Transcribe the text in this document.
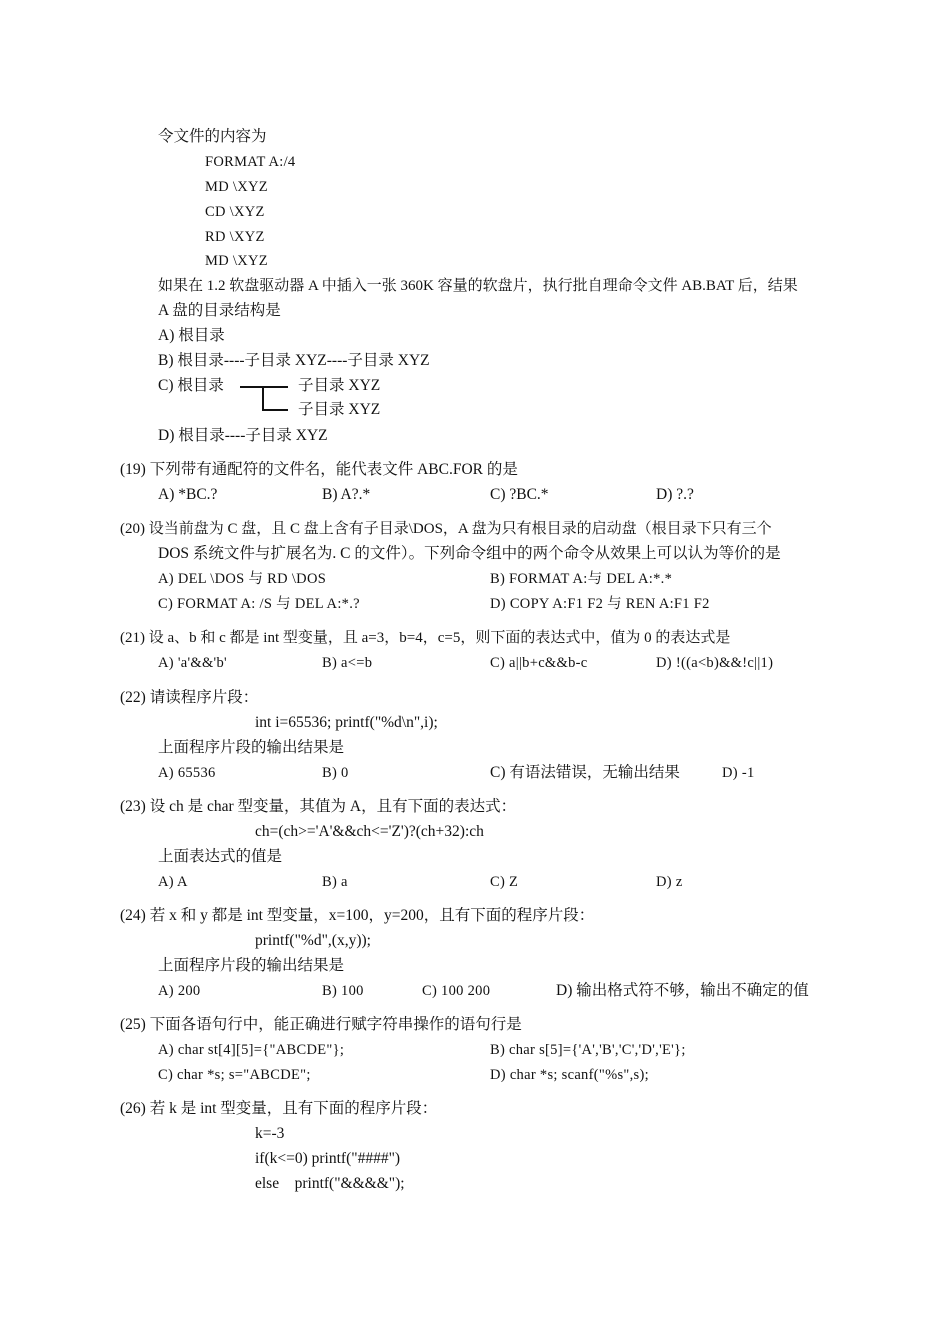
令文件的内容为
FORMAT A:/4
MD \XYZ
CD \XYZ
RD \XYZ
MD \XYZ
如果在 1.2 软盘驱动器 A 中插入一张 360K 容量的软盘片，执行批自理命令文件 AB.BAT 后，结果
A 盘的目录结构是
A) 根目录
B) 根目录----子目录 XYZ----子目录 XYZ
C) 根目录	子目录 XYZ
子目录 XYZ
D) 根目录----子目录 XYZ
(19) 下列带有通配符的文件名，能代表文件 ABC.FOR 的是
A) *BC.?	B) A?.*	C) ?BC.*	D) ?.?
(20) 设当前盘为 C 盘，且 C 盘上含有子目录\DOS，A 盘为只有根目录的启动盘（根目录下只有三个
DOS 系统文件与扩展名为. C 的文件）。下列命令组中的两个命令从效果上可以认为等价的是
A) DEL \DOS 与 RD \DOS	B) FORMAT A:与 DEL A:*.*
C) FORMAT A: /S 与 DEL A:*.?	D) COPY A:F1 F2 与 REN A:F1 F2
(21) 设 a、b 和 c 都是 int 型变量，且 a=3，b=4，c=5，则下面的表达式中，值为 0 的表达式是
A) 'a'&&'b'	B) a<=b	C) a||b+c&&b-c	D) !((a<b)&&!c||1)
(22) 请读程序片段：
int i=65536; printf("%d\n",i);
上面程序片段的输出结果是
A) 65536	B) 0	C) 有语法错误，无输出结果	D) -1
(23) 设 ch 是 char 型变量，其值为 A，且有下面的表达式：
ch=(ch>='A'&&ch<='Z')?(ch+32):ch
上面表达式的值是
A) A	B) a	C) Z	D) z
(24) 若 x 和 y 都是 int 型变量，x=100，y=200，且有下面的程序片段：
printf("%d",(x,y));
上面程序片段的输出结果是
A) 200	B) 100	C) 100 200	D) 输出格式符不够，输出不确定的值
(25) 下面各语句行中，能正确进行赋字符串操作的语句行是
A) char st[4][5]={"ABCDE"};	B) char s[5]={'A','B','C','D','E'};
C) char *s; s="ABCDE";	D) char *s; scanf("%s",s);
(26) 若 k 是 int 型变量，且有下面的程序片段：
k=-3
if(k<=0) printf("####")
else    printf("&&&&");
